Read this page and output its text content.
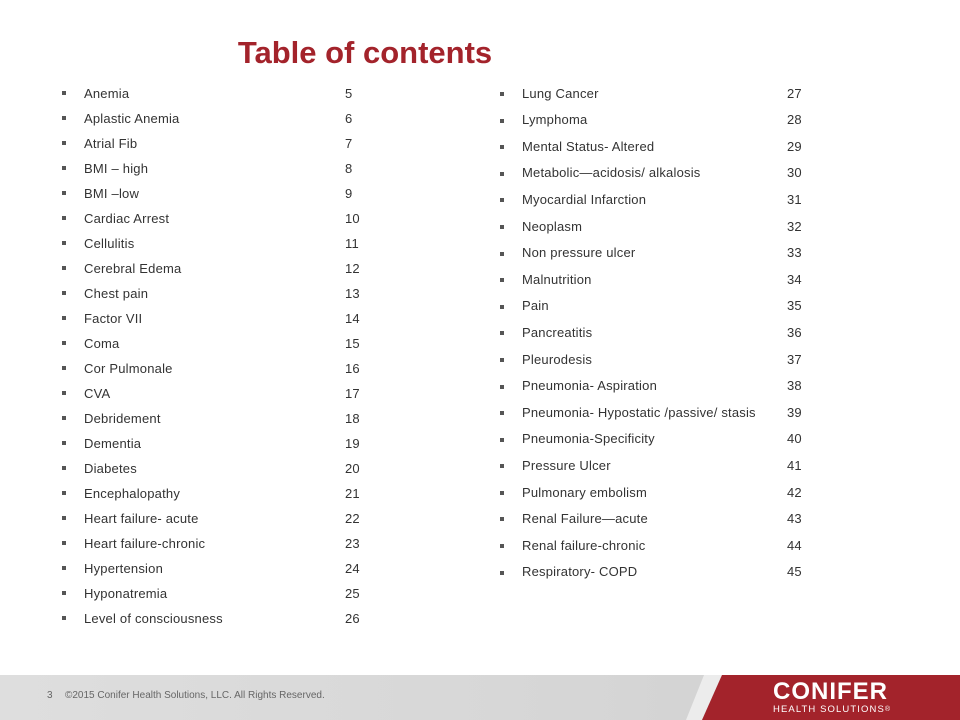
Table of contents
Anemia	5
Aplastic Anemia	6
Atrial Fib	7
BMI – high	8
BMI –low	9
Cardiac Arrest	10
Cellulitis	11
Cerebral Edema	12
Chest pain	13
Factor VII	14
Coma	15
Cor Pulmonale	16
CVA	17
Debridement	18
Dementia	19
Diabetes	20
Encephalopathy	21
Heart failure- acute	22
Heart failure-chronic	23
Hypertension	24
Hyponatremia	25
Level of consciousness	26
Lung Cancer	27
Lymphoma	28
Mental Status- Altered	29
Metabolic—acidosis/ alkalosis	30
Myocardial Infarction	31
Neoplasm	32
Non pressure ulcer	33
Malnutrition	34
Pain	35
Pancreatitis	36
Pleurodesis	37
Pneumonia- Aspiration	38
Pneumonia- Hypostatic /passive/ stasis 39
Pneumonia-Specificity	40
Pressure Ulcer	41
Pulmonary embolism	42
Renal Failure—acute	43
Renal failure-chronic	44
Respiratory- COPD	45
3 ©2015 Conifer Health Solutions, LLC. All Rights Reserved.	CONIFER
HEALTH SOLUTIONS®
